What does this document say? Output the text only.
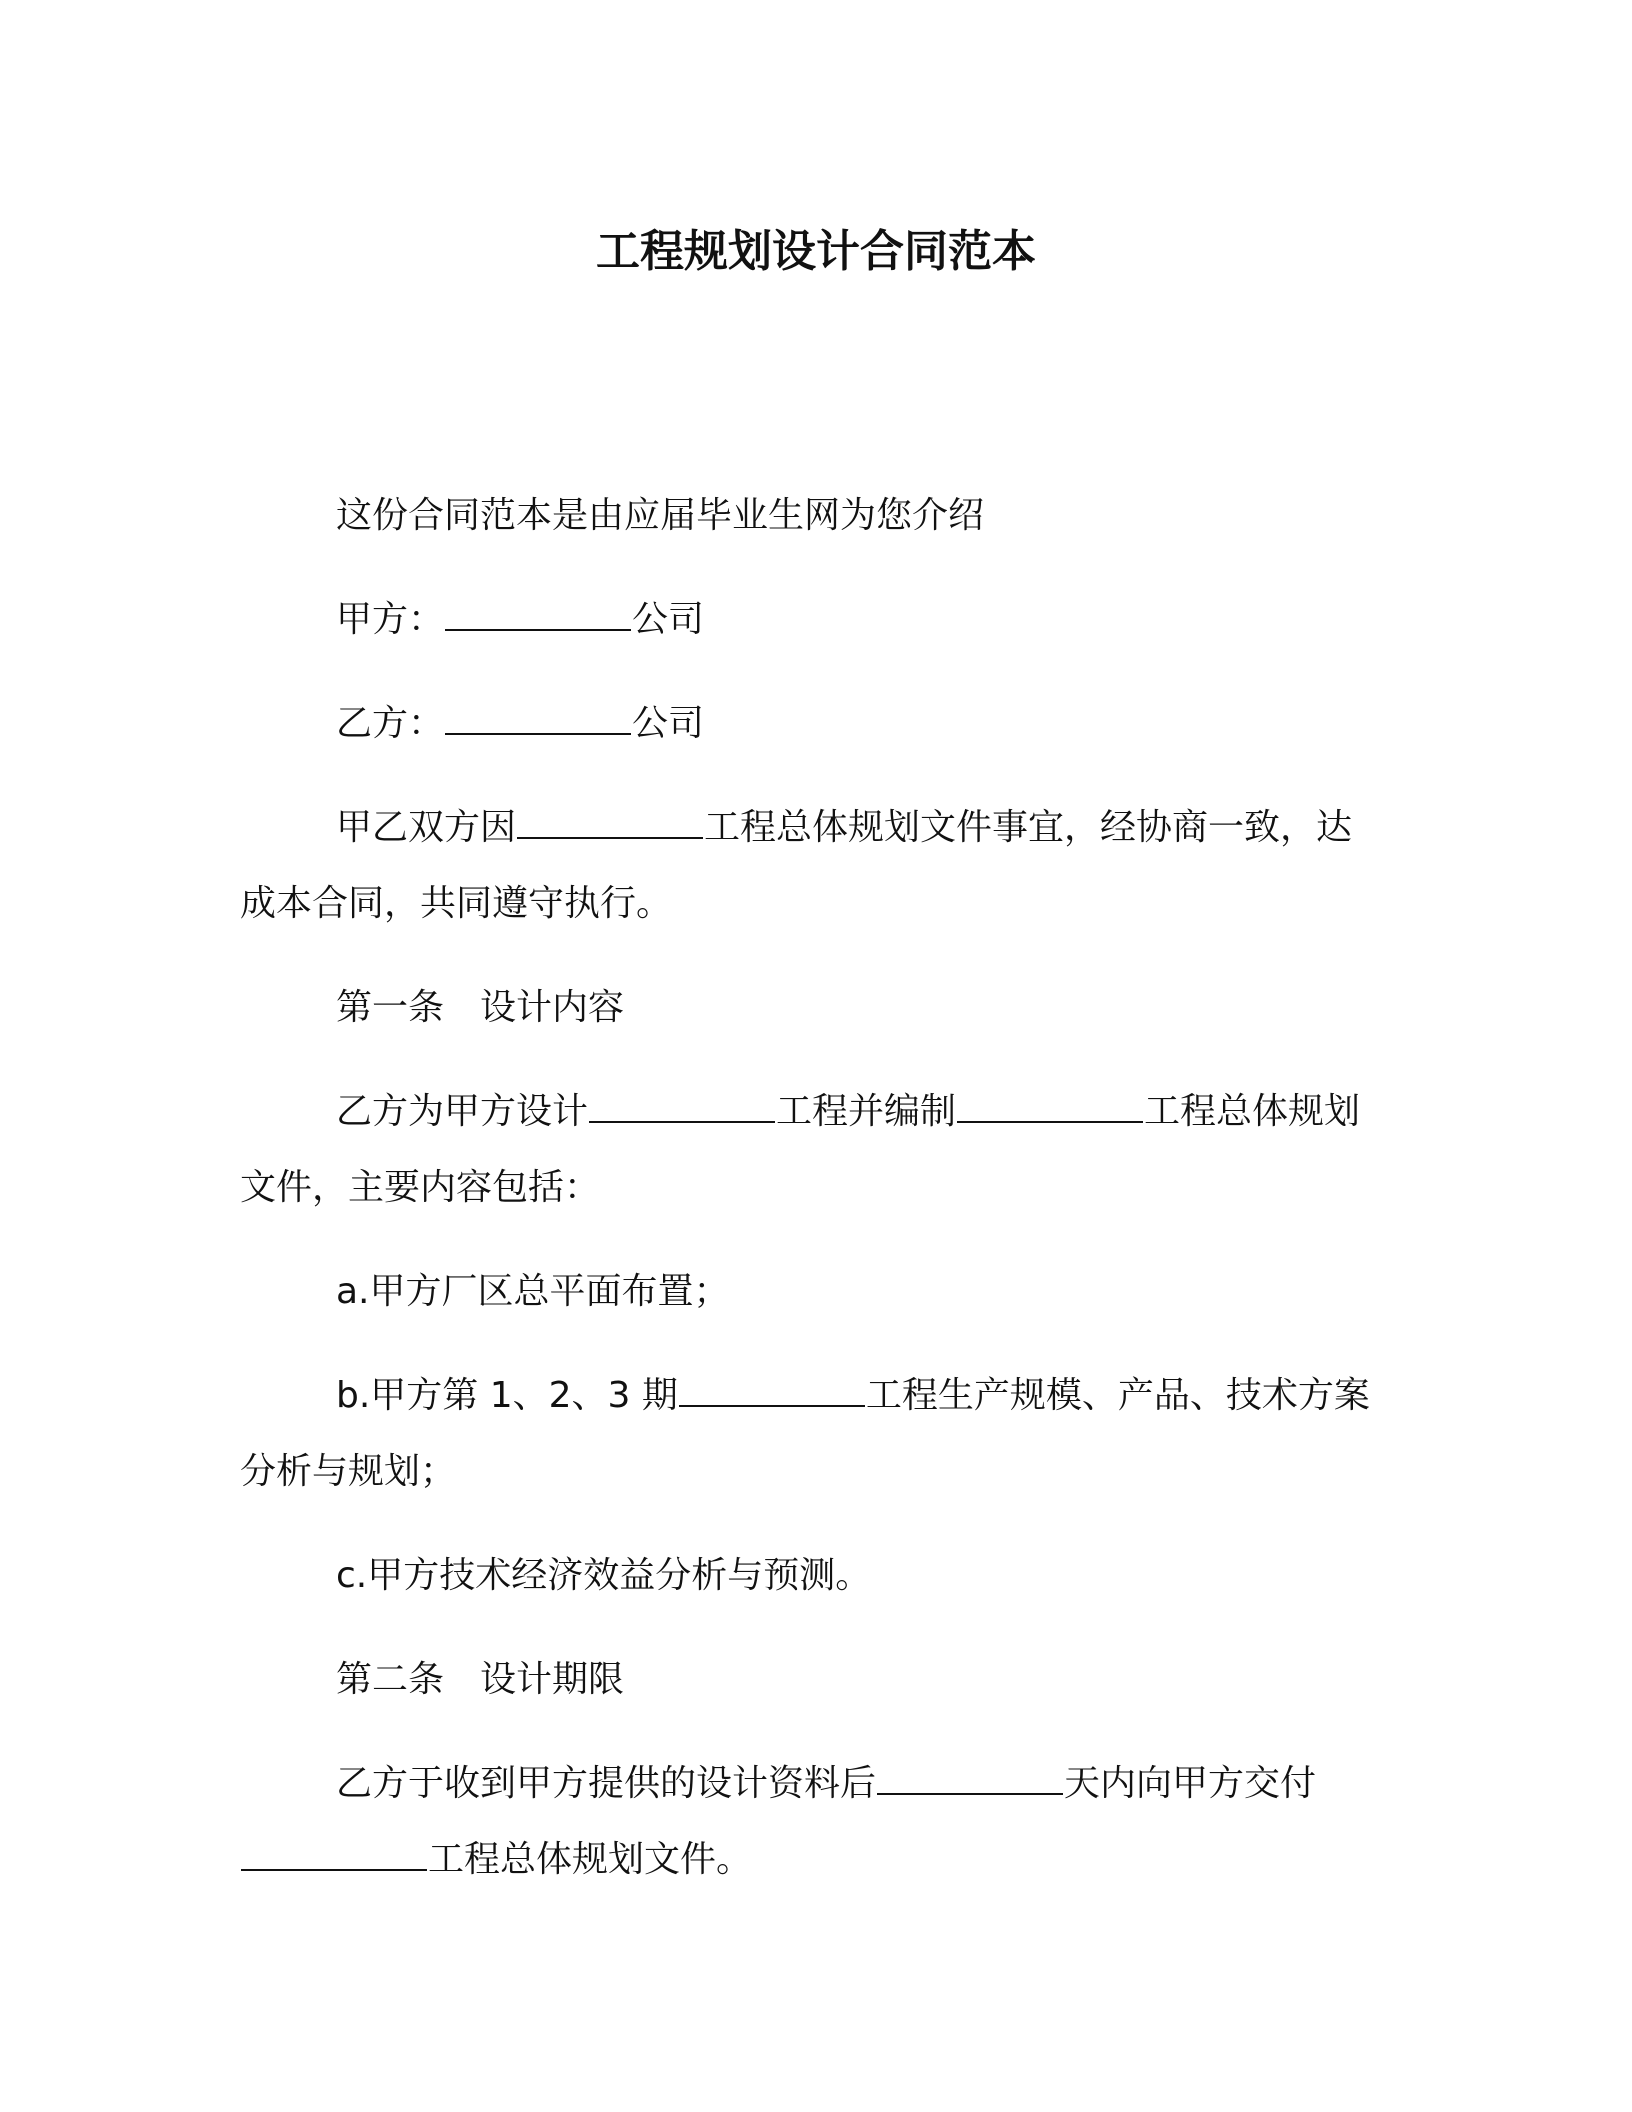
工程规划设计合同范本

这份合同范本是由应届毕业生网为您介绍

甲方：	公司

乙方：	公司

甲乙双方因	工程总体规划文件事宜，经协商一致，达成本合同，共同遵守执行。

第一条　设计内容

乙方为甲方设计	工程并编制	工程总体规划文件，主要内容包括：

a.甲方厂区总平面布置；

b.甲方第 1、2、3 期	工程生产规模、产品、技术方案分析与规划；

c.甲方技术经济效益分析与预测。

第二条　设计期限

乙方于收到甲方提供的设计资料后	天内向甲方交付工程总体规划文件。
